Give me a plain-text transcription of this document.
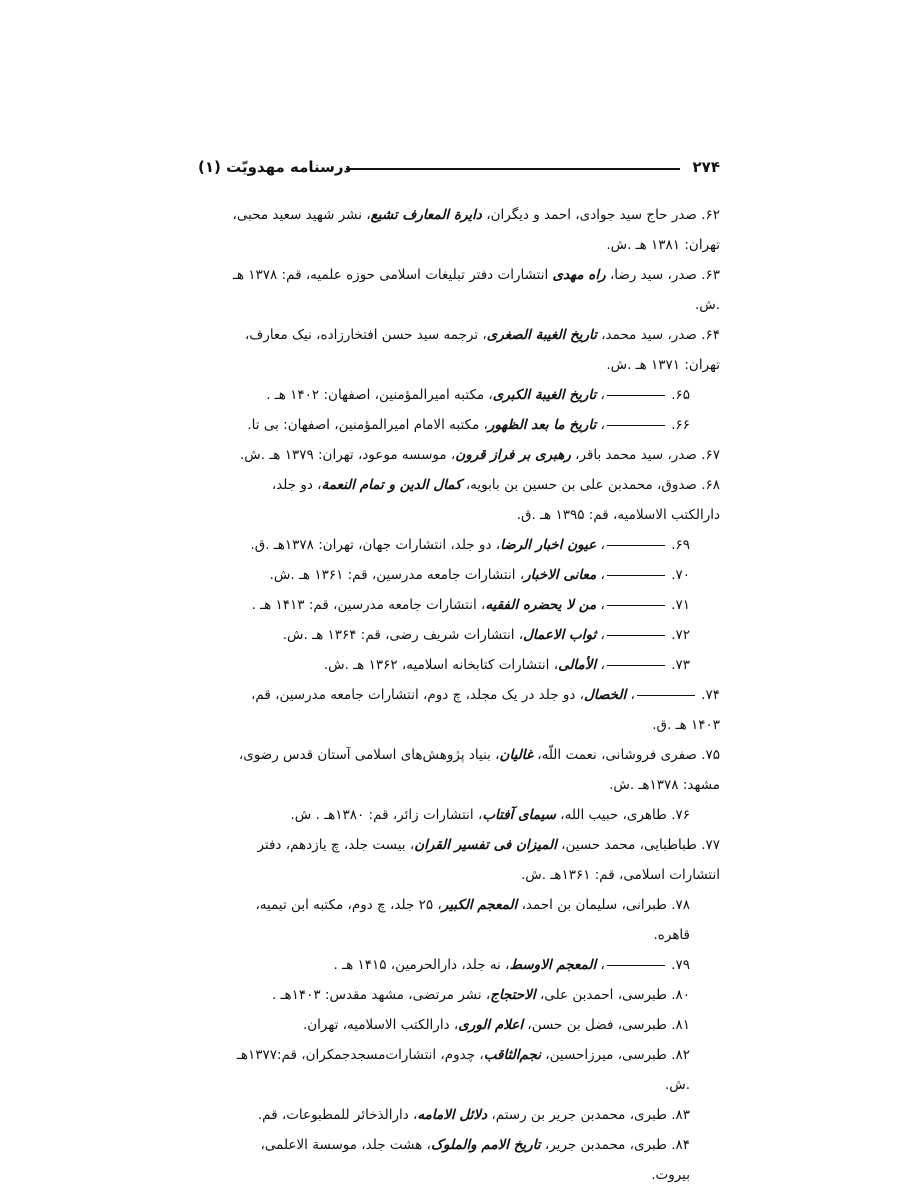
۲۷۴
درسنامه مهدویّت (۱)

۶۲. صدر حاج سید جوادی، احمد و دیگران، دایرة المعارف تشیع، نشر شهید سعید محبی، تهران: ۱۳۸۱ هـ .ش.

۶۳. صدر، سید رضا، راه مهدی انتشارات دفتر تبلیغات اسلامی حوزه علمیه، قم: ۱۳۷۸ هـ .ش.

۶۴. صدر، سید محمد، تاریخ الغیبة الصغری، ترجمه سید حسن افتخارزاده، نیک معارف، تهران: ۱۳۷۱ هـ .ش.

۶۵. ، تاریخ الغیبة الکبری، مکتبه امیرالمؤمنین، اصفهان: ۱۴۰۲ هـ .

۶۶. ، تاریخ ما بعد الظهور، مکتبه الامام امیرالمؤمنین، اصفهان: بی تا.

۶۷. صدر، سید محمد باقر، رهبری بر فراز قرون، موسسه موعود، تهران: ۱۳۷۹ هـ .ش.

۶۸. صدوق، محمدبن علی بن حسین بن بابویه، کمال الدین و تمام النعمة، دو جلد، دارالکتب الاسلامیه، قم: ۱۳۹۵ هـ .ق.

۶۹. ، عیون اخبار الرضا، دو جلد، انتشارات جهان، تهران: ۱۳۷۸هـ .ق.

۷۰. ، معانی الاخبار، انتشارات جامعه مدرسین، قم: ۱۳۶۱ هـ .ش.

۷۱. ، من لا یحضره الفقیه، انتشارات جامعه مدرسین، قم: ۱۴۱۳ هـ .

۷۲. ، ثواب الاعمال، انتشارات شریف رضی، قم: ۱۳۶۴ هـ .ش.

۷۳. ، الأمالی، انتشارات کتابخانه اسلامیه، ۱۳۶۲ هـ .ش.

۷۴. ، الخصال، دو جلد در یک مجلد، چ دوم، انتشارات جامعه مدرسین، قم، ۱۴۰۳ هـ .ق.

۷۵. صفری فروشانی، نعمت اللّه، غالیان، بنیاد پژوهش‌های اسلامی آستان قدس رضوی، مشهد: ۱۳۷۸هـ .ش.

۷۶. طاهری، حبیب الله، سیمای آفتاب، انتشارات زائر، قم: ۱۳۸۰هـ . ش.

۷۷. طباطبایی، محمد حسین، المیزان فی تفسیر القران، بیست جلد، چ یازدهم، دفتر انتشارات اسلامی، قم: ۱۳۶۱هـ .ش.

۷۸. طبرانی، سلیمان بن احمد، المعجم الکبیر، ۲۵ جلد، چ دوم، مکتبه ابن تیمیه، قاهره.

۷۹. ، المعجم الاوسط، نه جلد، دارالحرمین، ۱۴۱۵ هـ .

۸۰. طبرسی، احمدبن علی، الاحتجاج، نشر مرتضی، مشهد مقدس: ۱۴۰۳هـ .

۸۱. طبرسی، فضل بن حسن، اعلام الوری، دارالکتب الاسلامیه، تهران.

۸۲. طبرسی، میرزاحسین، نجم‌الثاقب، چدوم، انتشارات‌مسجدجمکران، قم:۱۳۷۷هـ .ش.

۸۳. طبری، محمدبن جریر بن رستم، دلائل الامامه، دارالذخائر للمطبوعات، قم.

۸۴. طبری، محمدبن جریر، تاریخ الامم والملوک، هشت جلد، موسسة الاعلمی، بیروت.
